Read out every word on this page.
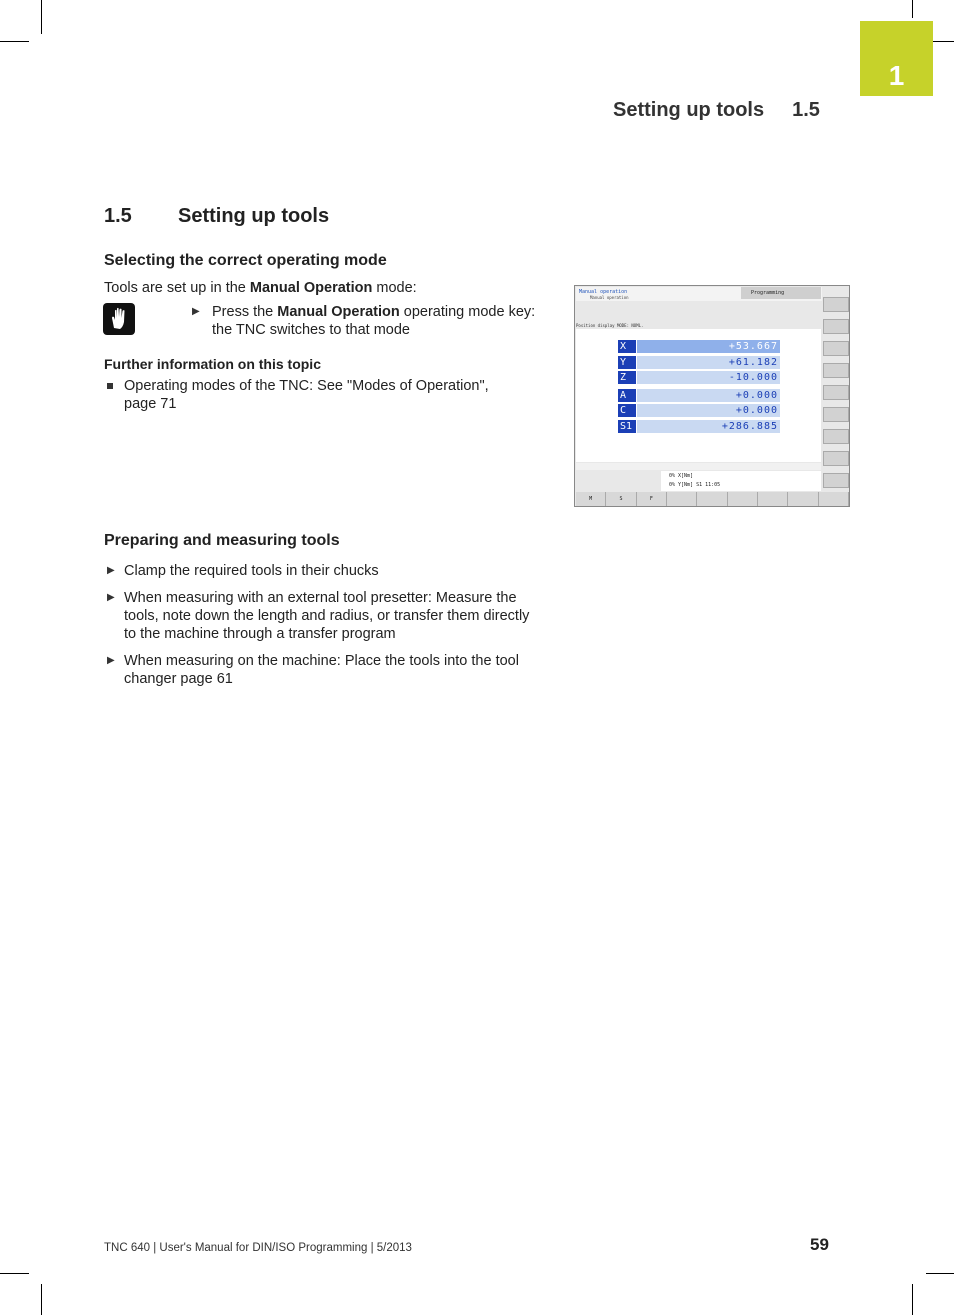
1
Setting up tools 1.5
1.5 Setting up tools
Selecting the correct operating mode
Tools are set up in the Manual Operation mode:
▶ Press the Manual Operation operating mode key:
the TNC switches to that mode
Further information on this topic
Operating modes of the TNC: See "Modes of Operation",
page 71
Manual operation
Manual operation
Programming
Position display MODE: NOML.
X	+53.667
Y	+61.182
Z	-10.000
A	+0.000
C	+0.000
S1	+286.885
0% X[Nm]
0% Y[Nm] S1 11:05
M	S	F
Preparing and measuring tools
▶ Clamp the required tools in their chucks
▶ When measuring with an external tool presetter: Measure the
tools, note down the length and radius, or transfer them directly
to the machine through a transfer program
▶ When measuring on the machine: Place the tools into the tool
changer page 61
TNC 640 | User's Manual for DIN/ISO Programming | 5/2013	59
